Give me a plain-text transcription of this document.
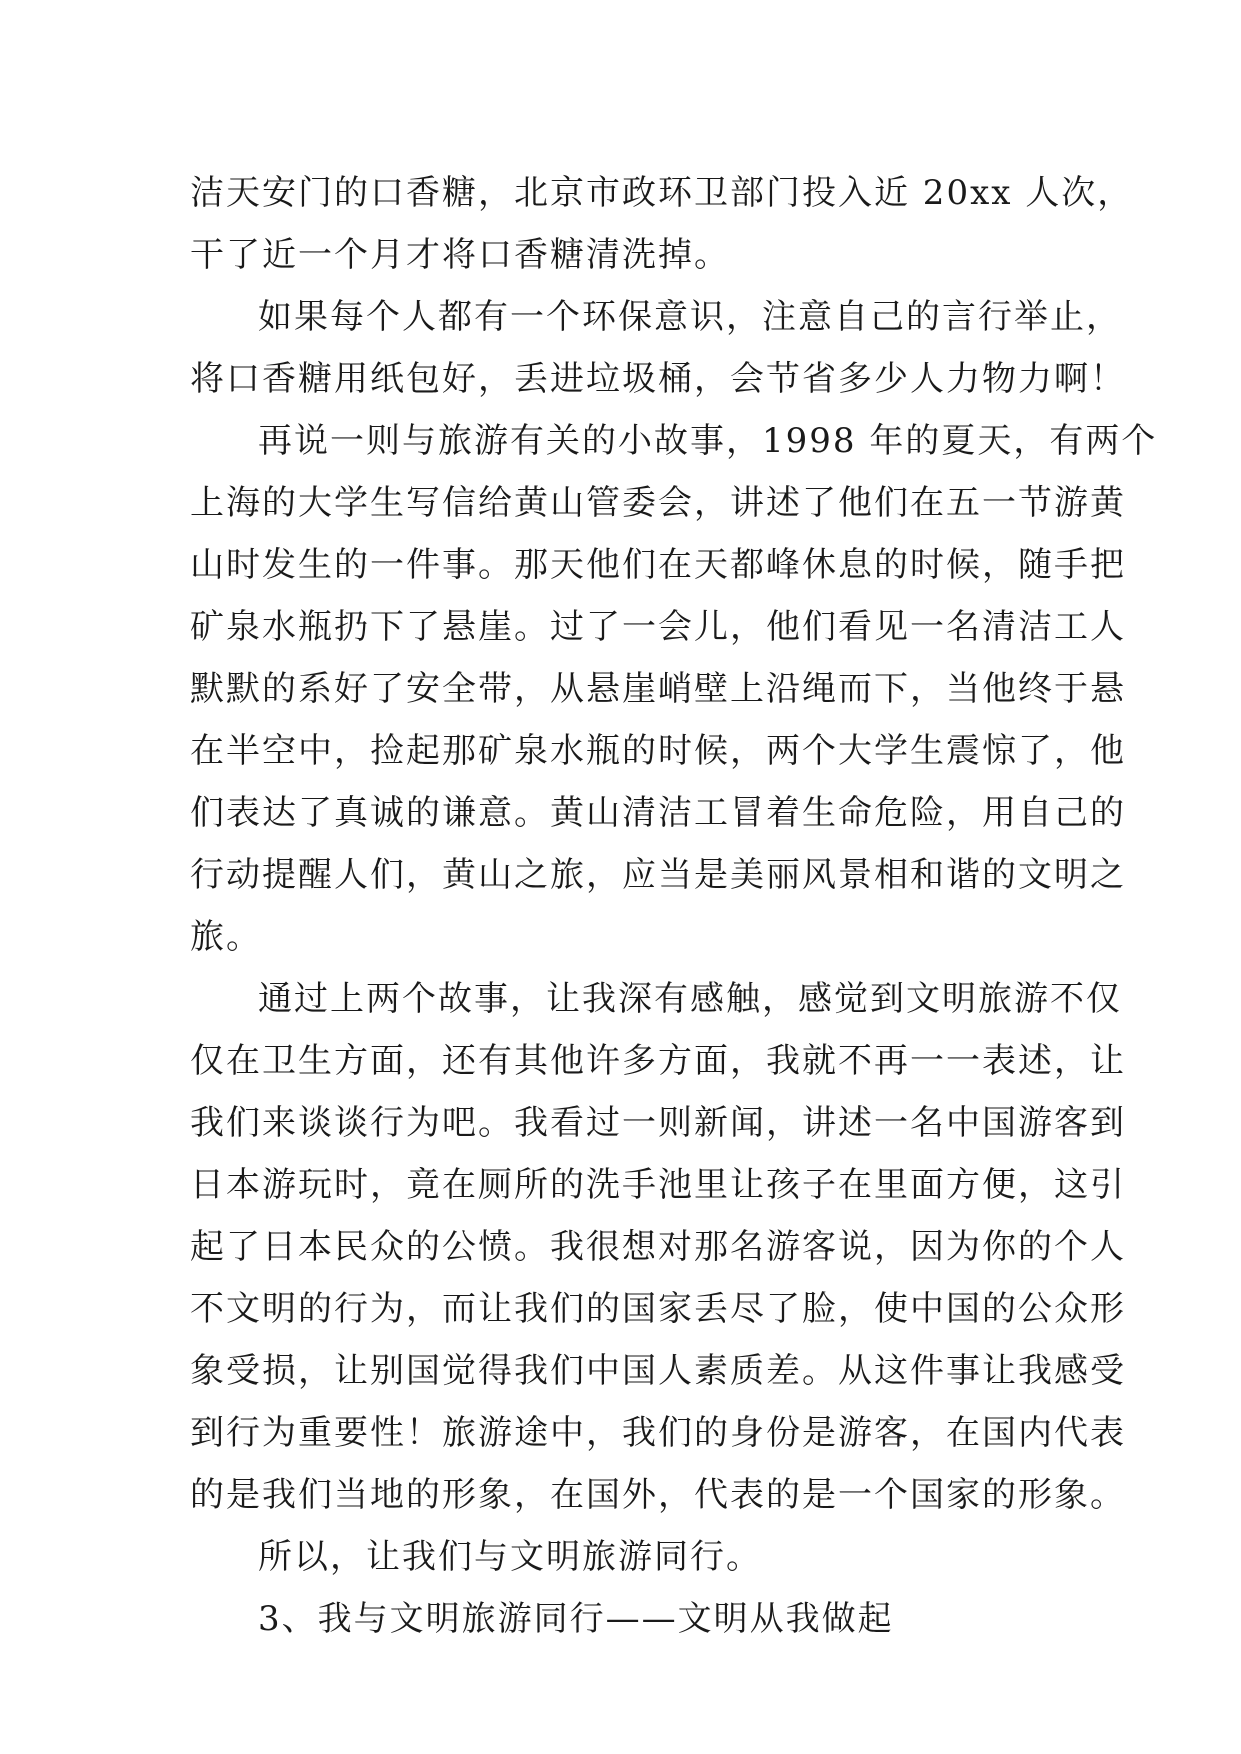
洁天安门的口香糖，北京市政环卫部门投入近 20xx 人次，
干了近一个月才将口香糖清洗掉。
如果每个人都有一个环保意识，注意自己的言行举止，
将口香糖用纸包好，丢进垃圾桶，会节省多少人力物力啊！
再说一则与旅游有关的小故事，1998 年的夏天，有两个
上海的大学生写信给黄山管委会，讲述了他们在五一节游黄
山时发生的一件事。那天他们在天都峰休息的时候，随手把
矿泉水瓶扔下了悬崖。过了一会儿，他们看见一名清洁工人
默默的系好了安全带，从悬崖峭壁上沿绳而下，当他终于悬
在半空中，捡起那矿泉水瓶的时候，两个大学生震惊了，他
们表达了真诚的谦意。黄山清洁工冒着生命危险，用自己的
行动提醒人们，黄山之旅，应当是美丽风景相和谐的文明之
旅。
通过上两个故事，让我深有感触，感觉到文明旅游不仅
仅在卫生方面，还有其他许多方面，我就不再一一表述，让
我们来谈谈行为吧。我看过一则新闻，讲述一名中国游客到
日本游玩时，竟在厕所的洗手池里让孩子在里面方便，这引
起了日本民众的公愤。我很想对那名游客说，因为你的个人
不文明的行为，而让我们的国家丢尽了脸，使中国的公众形
象受损，让别国觉得我们中国人素质差。从这件事让我感受
到行为重要性！旅游途中，我们的身份是游客，在国内代表
的是我们当地的形象，在国外，代表的是一个国家的形象。
所以，让我们与文明旅游同行。
3、我与文明旅游同行——文明从我做起
